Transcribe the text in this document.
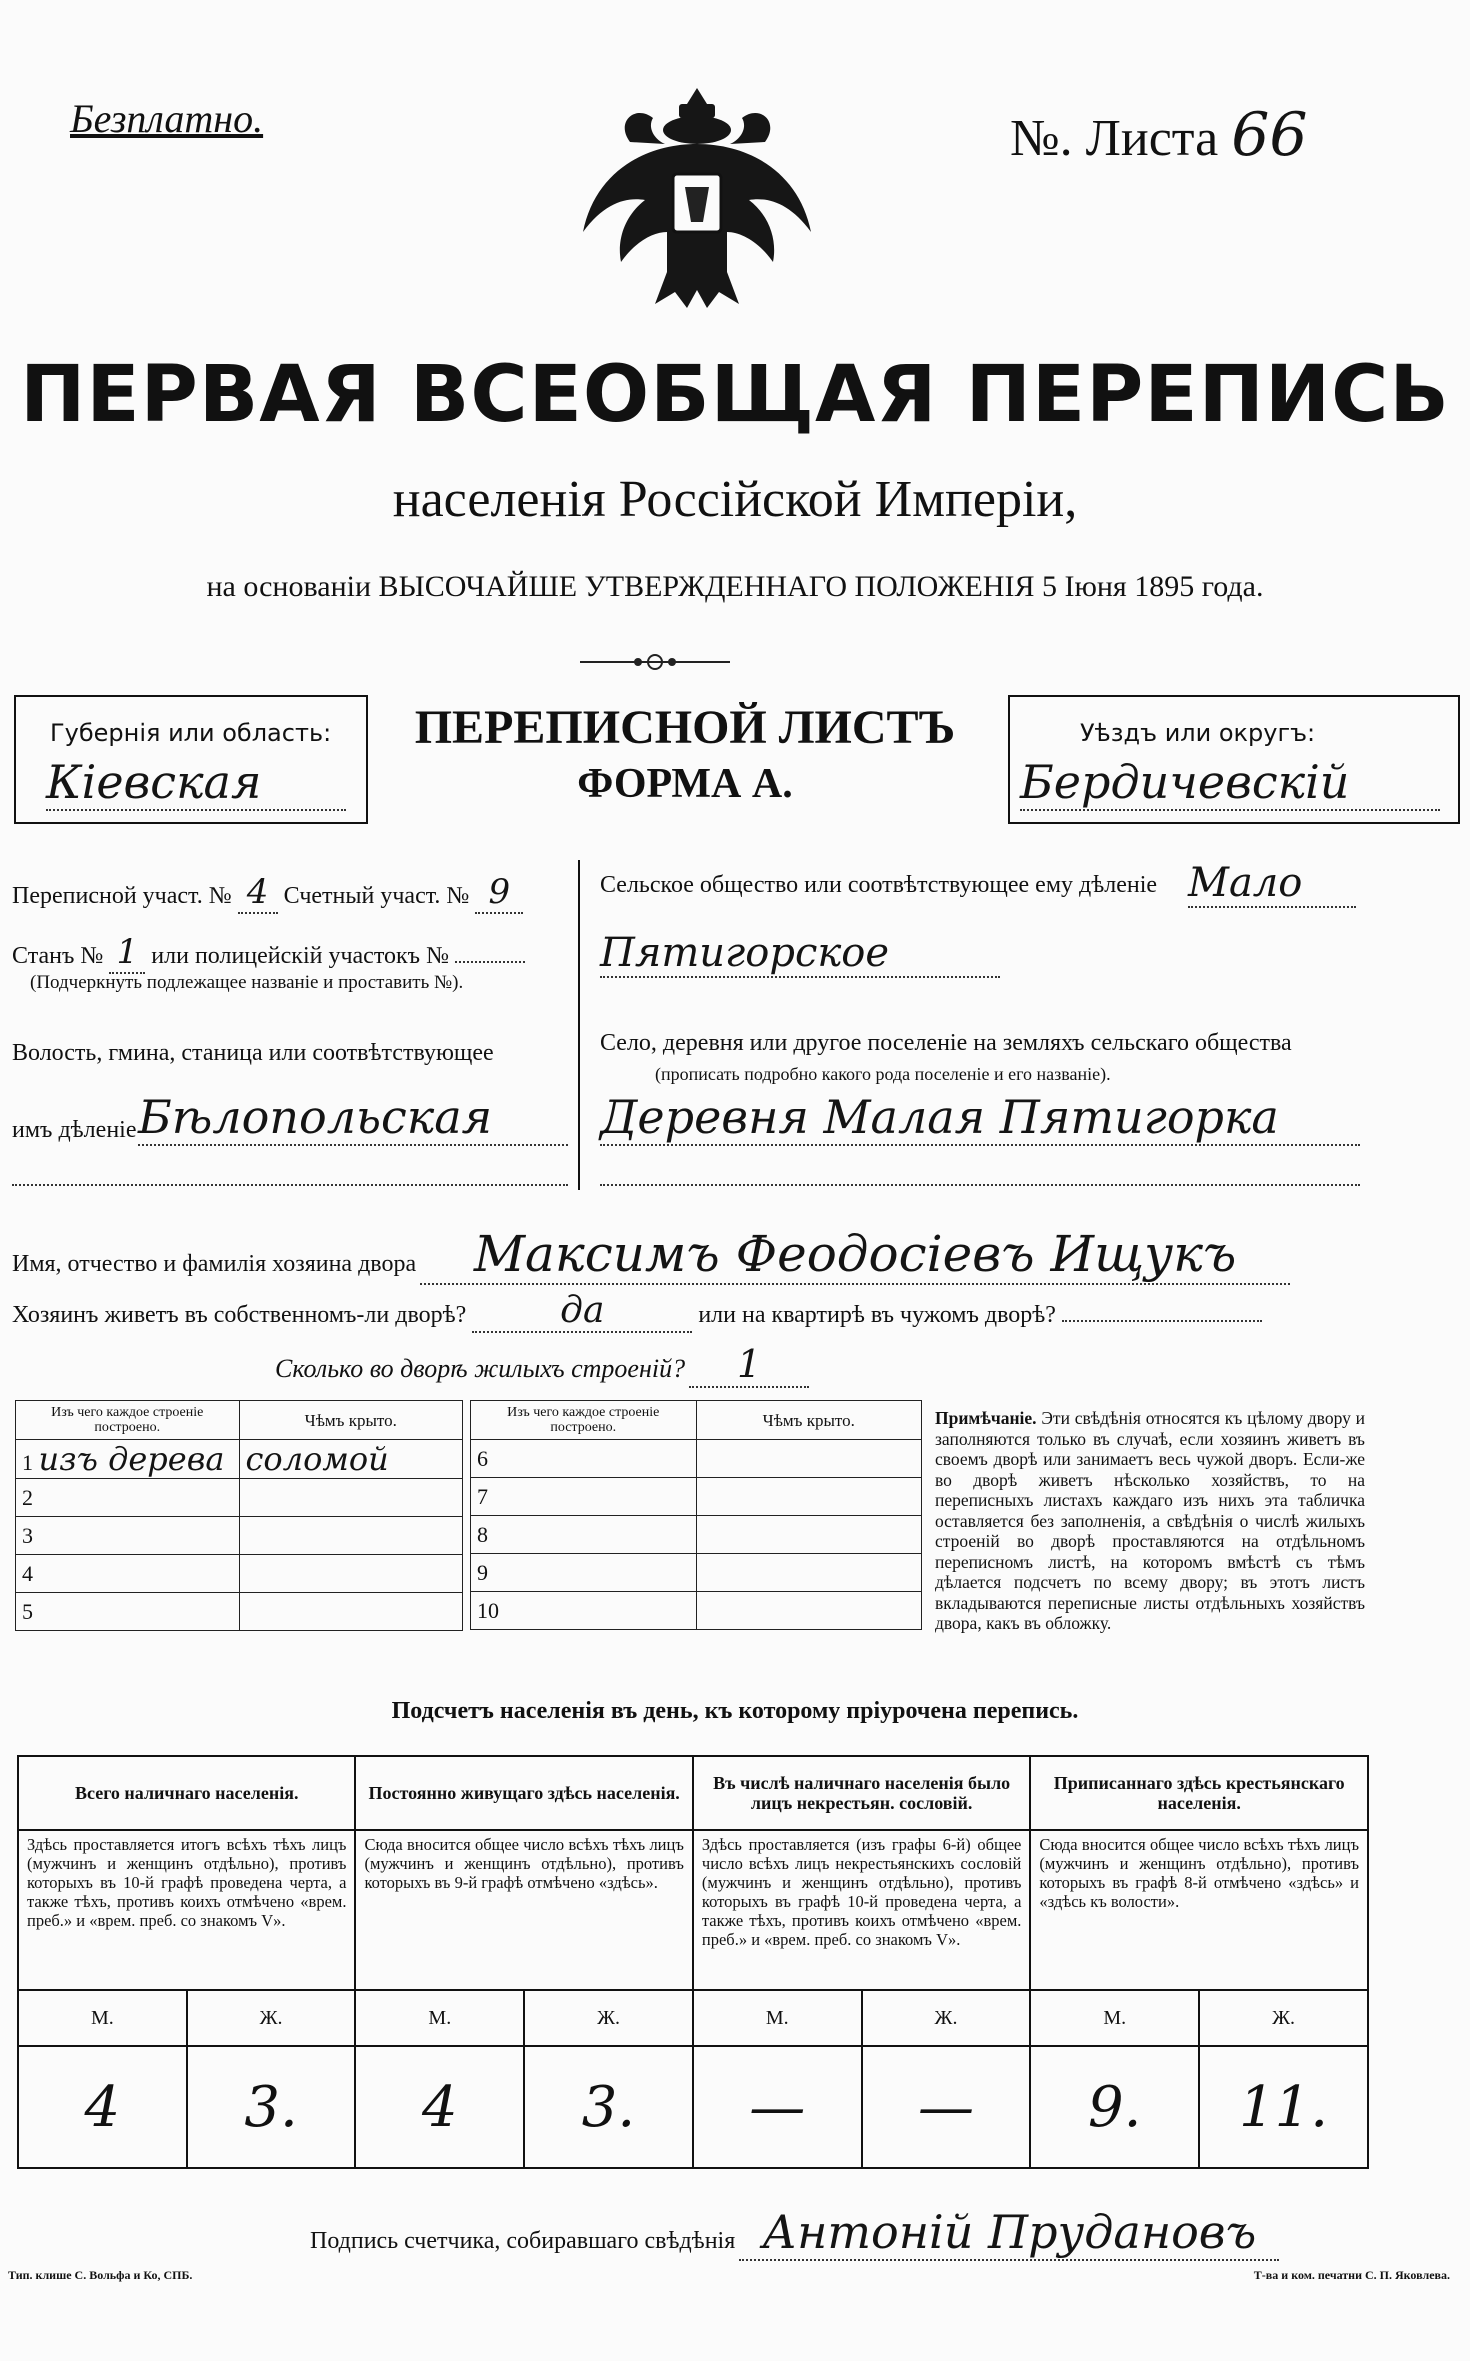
Безплатно.	№. Листа 66
ПЕРВАЯ ВСЕОБЩАЯ ПЕРЕПИСЬ
населенія Россійской Имперіи,
на основаніи ВЫСОЧАЙШЕ УТВЕРЖДЕННАГО ПОЛОЖЕНІЯ 5 Іюня 1895 года.
Губернія или область:
Кіевская
ПЕРЕПИСНОЙ ЛИСТЪ
ФОРМА А.
Уѣздъ или округъ:
Бердичевскій
Переписной участ. № 4 Счетный участ. № 9
Станъ № 1 или полицейскій участокъ №
(Подчеркнуть подлежащее названіе и проставить №).
Волость, гмина, станица или соотвѣтствующее
имъ дѣленіе Бѣлопольская
Сельское общество или соотвѣтствующее ему дѣленіе Мало
Пятигорское
Село, деревня или другое поселеніе на земляхъ сельскаго общества
(прописать подробно какого рода поселеніе и его названіе).
Деревня Малая Пятигорка
Имя, отчество и фамилія хозяина двора Максимъ Феодосіевъ Ищукъ
Хозяинъ живетъ въ собственномъ-ли дворѣ?	да	или на квартирѣ въ чужомъ дворѣ?
Сколько во дворѣ жилыхъ строеній? 1
Изъ чего каждое строеніе построено.	Чѣмъ крыто.
1 изъ дерева	соломой
2	
3	
4	
5	
Изъ чего каждое строеніе построено.	Чѣмъ крыто.
6	
7	
8	
9	
10	
Примѣчаніе. Эти свѣдѣнія относятся къ цѣлому двору и заполняются только въ случаѣ, если хозяинъ живетъ въ своемъ дворѣ или занимаетъ весь чужой дворъ. Если-же во дворѣ живетъ нѣсколько хозяйствъ, то на переписныхъ листахъ каждаго изъ нихъ эта табличка оставляется без заполненія, а свѣдѣнія о числѣ жилыхъ строеній во дворѣ проставляются на отдѣльномъ переписномъ листѣ, на которомъ вмѣстѣ съ тѣмъ дѣлается подсчетъ по всему двору; въ этотъ листъ вкладываются переписные листы отдѣльныхъ хозяйствъ двора, какъ въ обложку.
Подсчетъ населенія въ день, къ которому пріурочена перепись.
Всего наличнаго населенія.		Постоянно живущаго здѣсь населенія.		Въ числѣ наличнаго населенія было лицъ некрестьян. сословій.		Приписаннаго здѣсь крестьянскаго населенія.	
Здѣсь проставляется итогъ всѣхъ тѣхъ лицъ (мужчинъ и женщинъ отдѣльно), противъ которыхъ въ 10-й графѣ проведена черта, а также тѣхъ, противъ коихъ отмѣчено «врем. преб.» и «врем. преб. со знакомъ V».		Сюда вносится общее число всѣхъ тѣхъ лицъ (мужчинъ и женщинъ отдѣльно), противъ которыхъ въ 9-й графѣ отмѣчено «здѣсь».		Здѣсь проставляется (изъ графы 6-й) общее число всѣхъ лицъ некрестьянскихъ сословій (мужчинъ и женщинъ отдѣльно), противъ которыхъ въ графѣ 10-й проведена черта, а также тѣхъ, противъ коихъ отмѣчено «врем. преб.» и «врем. преб. со знакомъ V».		Сюда вносится общее число всѣхъ тѣхъ лицъ (мужчинъ и женщинъ отдѣльно), противъ которыхъ въ графѣ 8-й отмѣчено «здѣсь» и «здѣсь къ волости».	
М.	Ж.	М.	Ж.	М.	Ж.	М.	Ж.
4	3.	4	3.	—	—	9.	11.
Подпись счетчика, собиравшаго свѣдѣнія Антоній Прудановъ
Тип. клише С. Вольфа и Ко, СПБ.	Т-ва и ком. печатни С. П. Яковлева.
